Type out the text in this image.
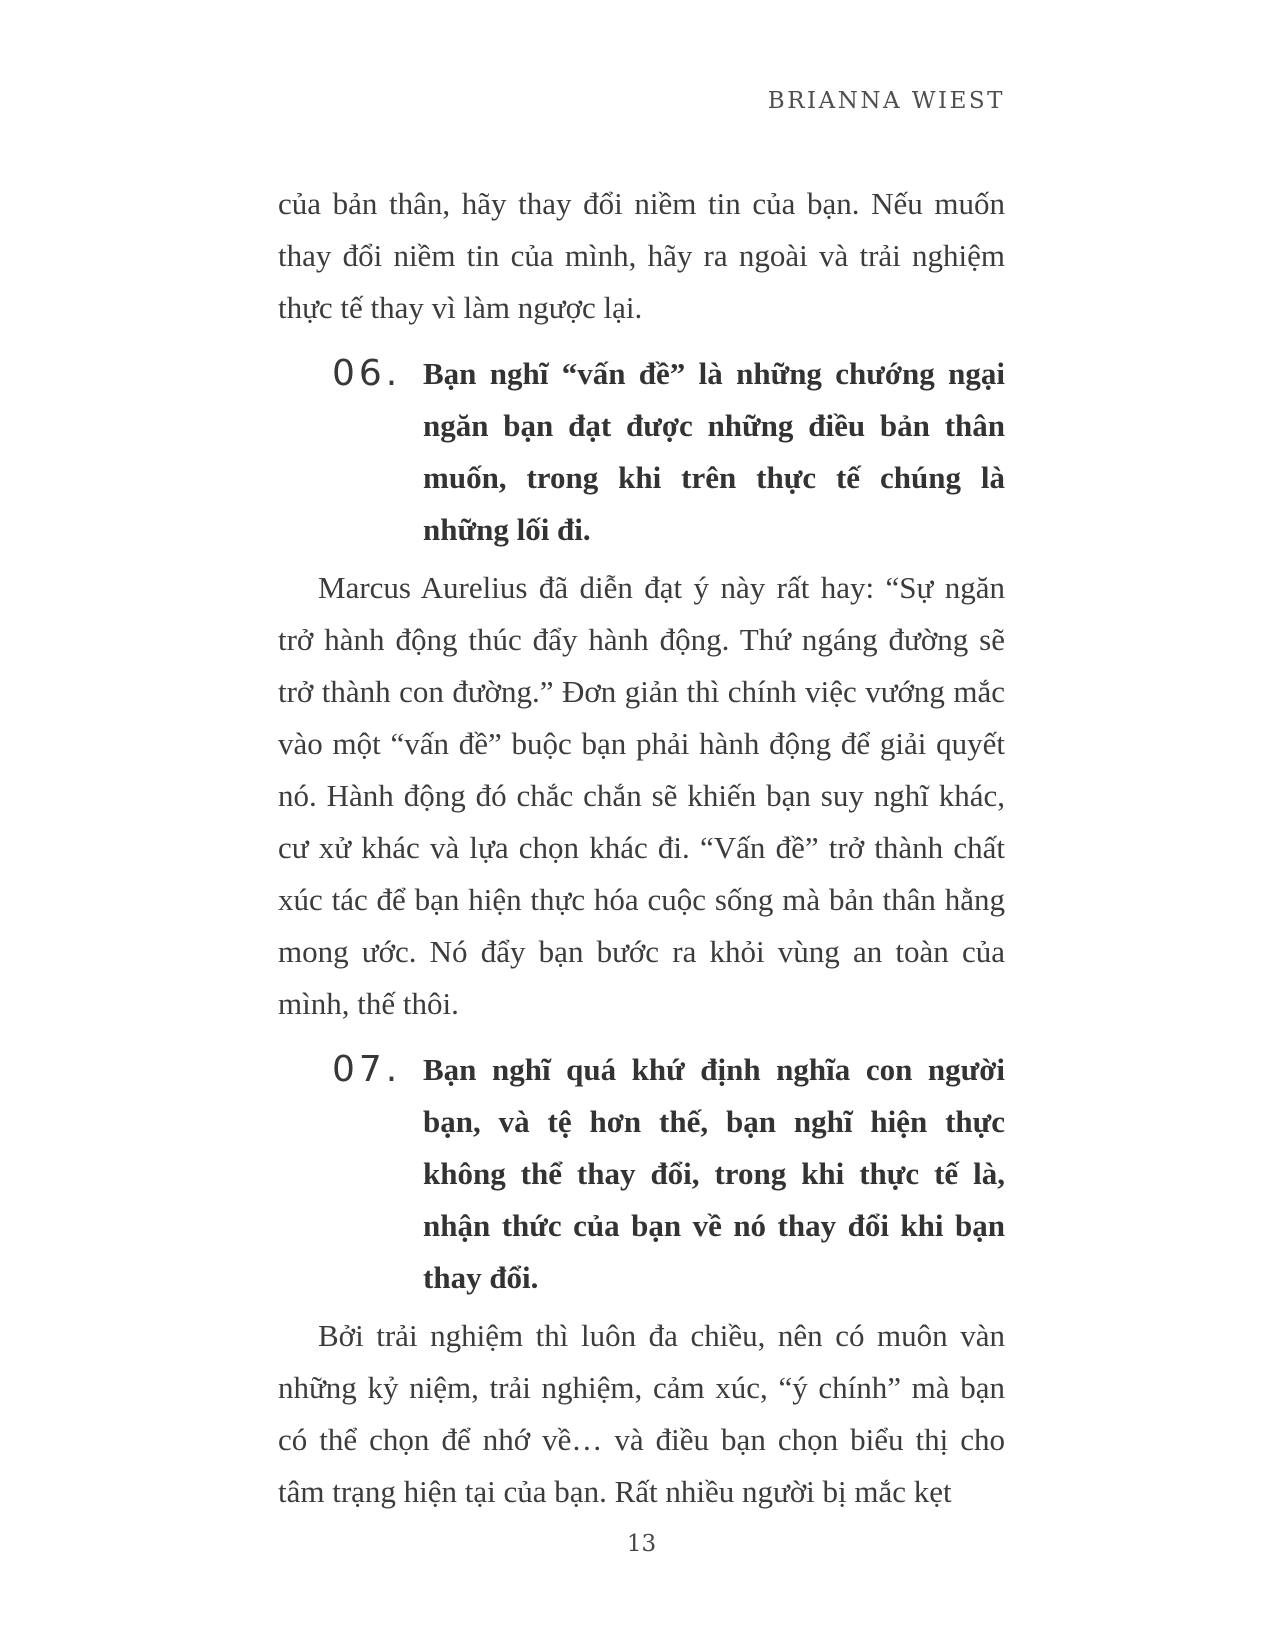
BRIANNA WIEST

của bản thân, hãy thay đổi niềm tin của bạn. Nếu muốn thay đổi niềm tin của mình, hãy ra ngoài và trải nghiệm thực tế thay vì làm ngược lại.

06. Bạn nghĩ “vấn đề” là những chướng ngại ngăn bạn đạt được những điều bản thân muốn, trong khi trên thực tế chúng là những lối đi.

Marcus Aurelius đã diễn đạt ý này rất hay: “Sự ngăn trở hành động thúc đẩy hành động. Thứ ngáng đường sẽ trở thành con đường.” Đơn giản thì chính việc vướng mắc vào một “vấn đề” buộc bạn phải hành động để giải quyết nó. Hành động đó chắc chắn sẽ khiến bạn suy nghĩ khác, cư xử khác và lựa chọn khác đi. “Vấn đề” trở thành chất xúc tác để bạn hiện thực hóa cuộc sống mà bản thân hằng mong ước. Nó đẩy bạn bước ra khỏi vùng an toàn của mình, thế thôi.

07. Bạn nghĩ quá khứ định nghĩa con người bạn, và tệ hơn thế, bạn nghĩ hiện thực không thể thay đổi, trong khi thực tế là, nhận thức của bạn về nó thay đổi khi bạn thay đổi.

Bởi trải nghiệm thì luôn đa chiều, nên có muôn vàn những kỷ niệm, trải nghiệm, cảm xúc, “ý chính” mà bạn có thể chọn để nhớ về… và điều bạn chọn biểu thị cho tâm trạng hiện tại của bạn. Rất nhiều người bị mắc kẹt

13
